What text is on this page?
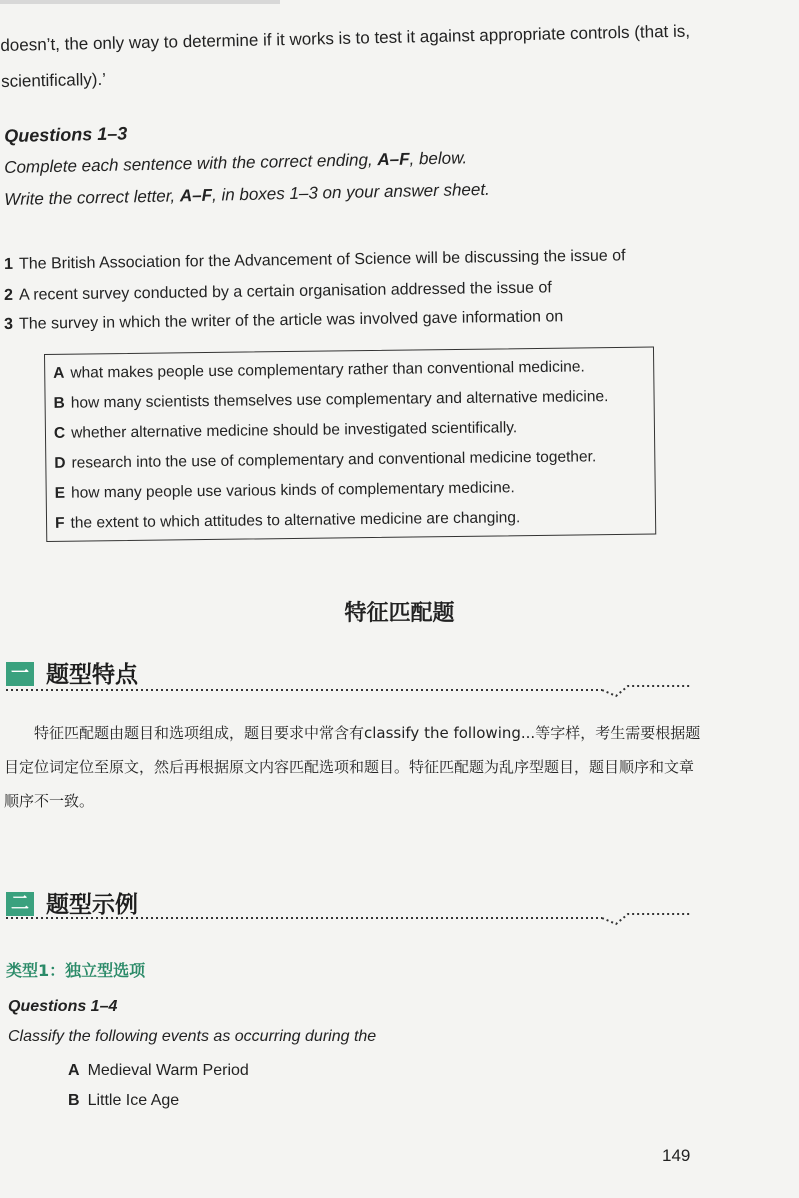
doesn’t, the only way to determine if it works is to test it against appropriate controls (that is,
scientifically).’
Questions 1–3
Complete each sentence with the correct ending, A–F, below.
Write the correct letter, A–F, in boxes 1–3 on your answer sheet.
1 The British Association for the Advancement of Science will be discussing the issue of
2 A recent survey conducted by a certain organisation addressed the issue of
3 The survey in which the writer of the article was involved gave information on
A what makes people use complementary rather than conventional medicine.
B how many scientists themselves use complementary and alternative medicine.
C whether alternative medicine should be investigated scientifically.
D research into the use of complementary and conventional medicine together.
E how many people use various kinds of complementary medicine.
F the extent to which attitudes to alternative medicine are changing.
特征匹配题
一 题型特点
特征匹配题由题目和选项组成，题目要求中常含有classify the following...等字样，考生需要根据题目定位词定位至原文，然后再根据原文内容匹配选项和题目。特征匹配题为乱序型题目，题目顺序和文章顺序不一致。
二 题型示例
类型1：独立型选项
Questions 1–4
Classify the following events as occurring during the
A Medieval Warm Period
B Little Ice Age
149
